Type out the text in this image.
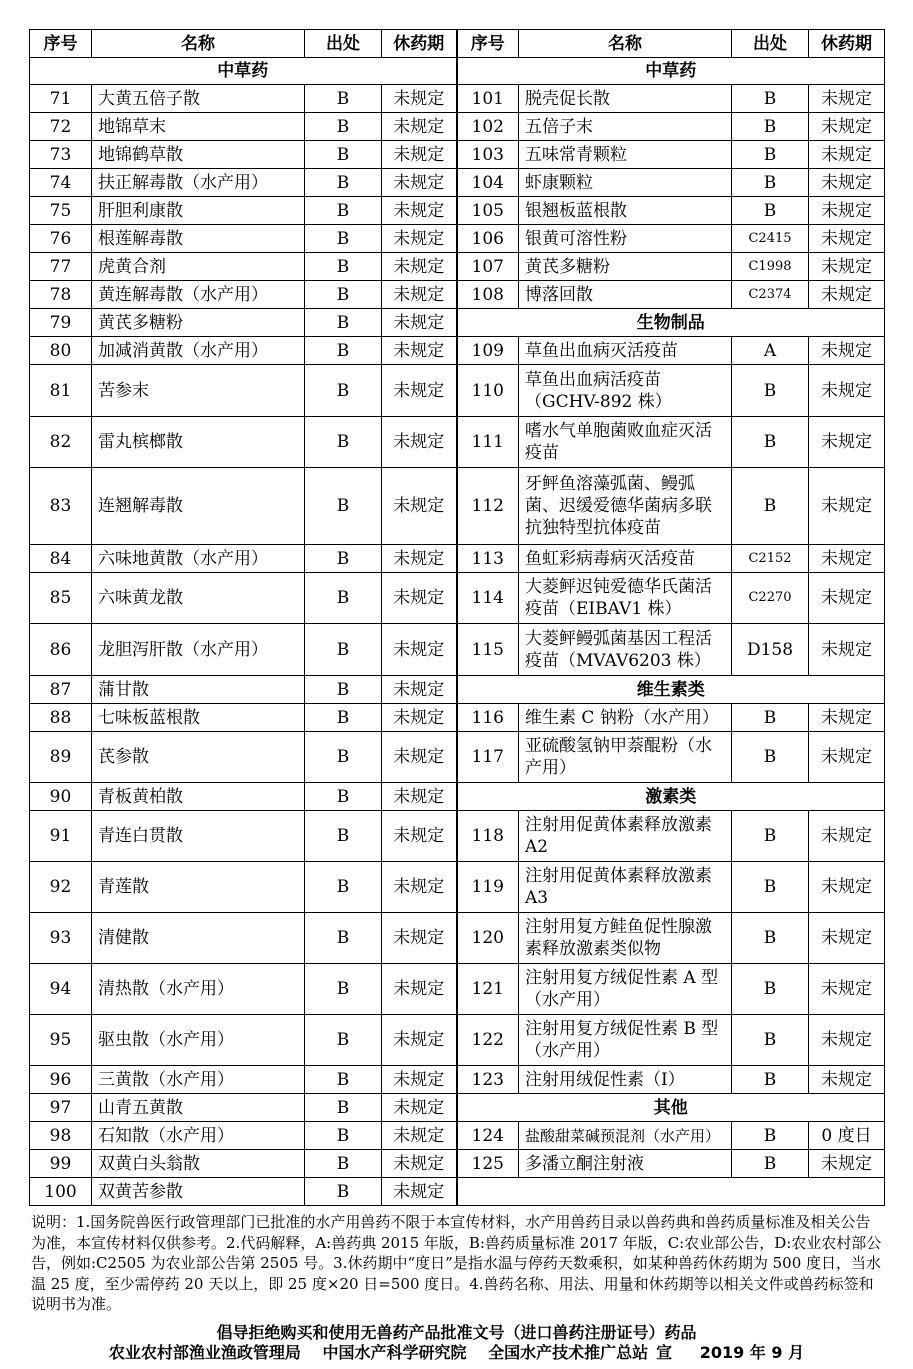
序号	名称	出处	休药期	序号	名称	出处	休药期
中草药				中草药			
71	大黄五倍子散	B	未规定	101	脱壳促长散	B	未规定
72	地锦草末	B	未规定	102	五倍子末	B	未规定
73	地锦鹤草散	B	未规定	103	五味常青颗粒	B	未规定
74	扶正解毒散（水产用）	B	未规定	104	虾康颗粒	B	未规定
75	肝胆利康散	B	未规定	105	银翘板蓝根散	B	未规定
76	根莲解毒散	B	未规定	106	银黄可溶性粉	C2415	未规定
77	虎黄合剂	B	未规定	107	黄芪多糖粉	C1998	未规定
78	黄连解毒散（水产用）	B	未规定	108	博落回散	C2374	未规定
79	黄芪多糖粉	B	未规定	生物制品			
80	加减消黄散（水产用）	B	未规定	109	草鱼出血病灭活疫苗	A	未规定
81	苦参末	B	未规定	110	草鱼出血病活疫苗（GCHV-892 株）	B	未规定
82	雷丸槟榔散	B	未规定	111	嗜水气单胞菌败血症灭活疫苗	B	未规定
83	连翘解毒散	B	未规定	112	牙鲆鱼溶藻弧菌、鳗弧菌、迟缓爱德华菌病多联抗独特型抗体疫苗	B	未规定
84	六味地黄散（水产用）	B	未规定	113	鱼虹彩病毒病灭活疫苗	C2152	未规定
85	六味黄龙散	B	未规定	114	大菱鲆迟钝爱德华氏菌活疫苗（EIBAV1 株）	C2270	未规定
86	龙胆泻肝散（水产用）	B	未规定	115	大菱鲆鳗弧菌基因工程活疫苗（MVAV6203 株）	D158	未规定
87	蒲甘散	B	未规定	维生素类			
88	七味板蓝根散	B	未规定	116	维生素 C 钠粉（水产用）	B	未规定
89	芪参散	B	未规定	117	亚硫酸氢钠甲萘醌粉（水产用）	B	未规定
90	青板黄柏散	B	未规定	激素类			
91	青连白贯散	B	未规定	118	注射用促黄体素释放激素 A2	B	未规定
92	青莲散	B	未规定	119	注射用促黄体素释放激素 A3	B	未规定
93	清健散	B	未规定	120	注射用复方鲑鱼促性腺激素释放激素类似物	B	未规定
94	清热散（水产用）	B	未规定	121	注射用复方绒促性素 A 型（水产用）	B	未规定
95	驱虫散（水产用）	B	未规定	122	注射用复方绒促性素 B 型（水产用）	B	未规定
96	三黄散（水产用）	B	未规定	123	注射用绒促性素（I）	B	未规定
97	山青五黄散	B	未规定	其他			
98	石知散（水产用）	B	未规定	124	盐酸甜菜碱预混剂（水产用）	B	0 度日
99	双黄白头翁散	B	未规定	125	多潘立酮注射液	B	未规定
100	双黄苦参散	B	未规定				
说明：1.国务院兽医行政管理部门已批准的水产用兽药不限于本宣传材料，水产用兽药目录以兽药典和兽药质量标准及相关公告为准，本宣传材料仅供参考。2.代码解释，A:兽药典 2015 年版，B:兽药质量标准 2017 年版，C:农业部公告，D:农业农村部公告，例如:C2505 为农业部公告第 2505 号。3.休药期中“度日”是指水温与停药天数乘积，如某种兽药休药期为 500 度日，当水温 25 度，至少需停药 20 天以上，即 25 度×20 日=500 度日。4.兽药名称、用法、用量和休药期等以相关文件或兽药标签和说明书为准。
倡导拒绝购买和使用无兽药产品批准文号（进口兽药注册证号）药品
农业农村部渔业渔政管理局 中国水产科学研究院 全国水产技术推广总站 宣 2019 年 9 月
